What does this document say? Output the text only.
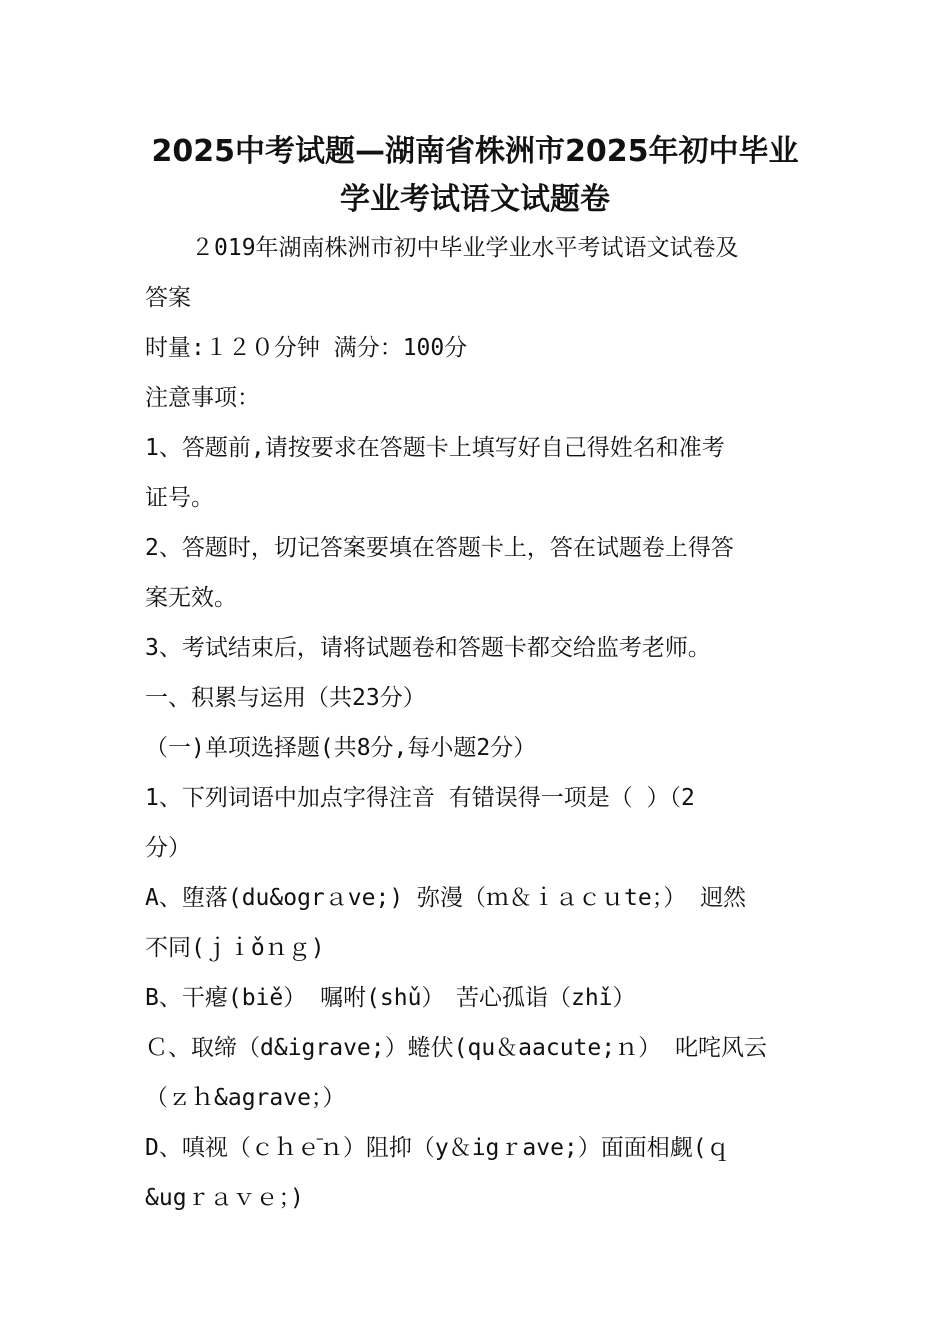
2025中考试题—湖南省株洲市2025年初中毕业
学业考试语文试题卷

　　２019年湖南株洲市初中毕业学业水平考试语文试卷及

答案

时量:１２０分钟 满分：100分

注意事项：

1、答题前,请按要求在答题卡上填写好自己得姓名和准考

证号。

2、答题时，切记答案要填在答题卡上，答在试题卷上得答

案无效。

3、考试结束后，请将试题卷和答题卡都交给监考老师。

一、积累与运用（共23分）

（一)单项选择题(共8分,每小题2分）

1、下列词语中加点字得注音 有错误得一项是（ ）（2

分）

A、堕落(du&ogrａve;) 弥漫（ｍ＆ｉａｃｕte；） 迥然

不同(ｊｉǒｎｇ)

B、干瘪(biě） 嘱咐(shǔ）　苦心孤诣（zhǐ）

Ｃ、取缔（d&igrave;）蜷伏(qu＆aacute;ｎ） 叱咤风云

（ｚｈ&agrave；）

D、嗔视（ｃｈｅ̄ｎ）阻抑（y＆igｒave;）面面相觑(ｑ

&ugｒａｖｅ；)
